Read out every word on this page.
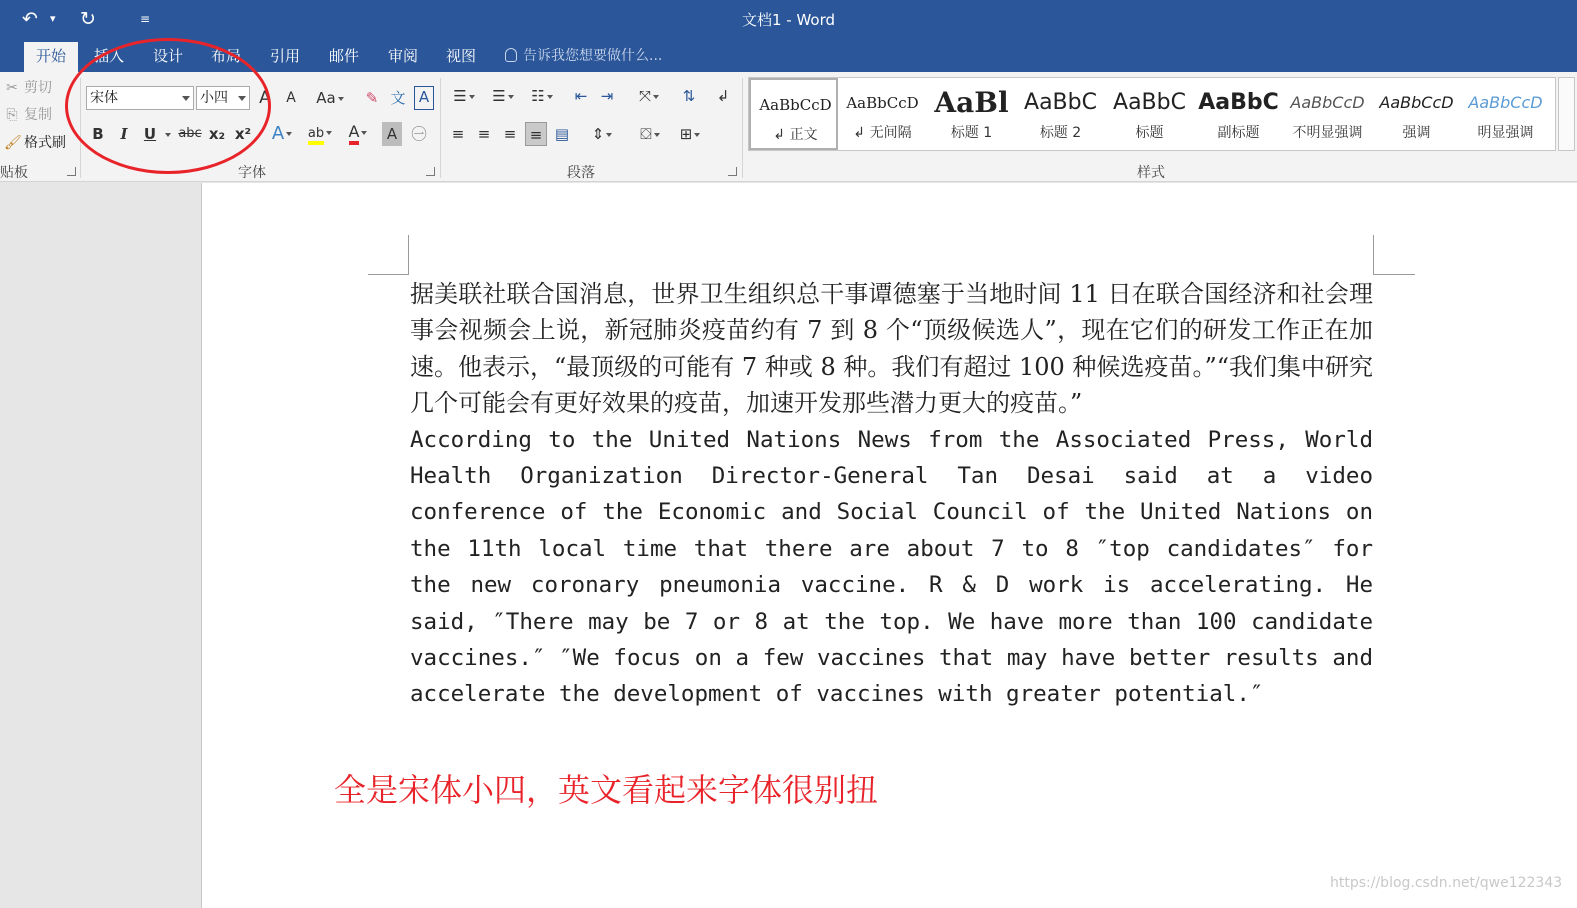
↶ ▾ ↻	≡	文档1 - Word
开始	插入	设计	布局	引用	邮件	审阅	视图	告诉我您想要做什么...
✂ 剪切
⎘ 复制
🖌 格式刷
贴板
宋体	小四	A	A Aa	✎ 文 A
B	I	U	abc x₂ x²	A	ab	A	A ㊀
字体
☰	☰	☷	⇤ ⇥	⤧	⇅	↲
≡ ≡ ≡ ≡ ▤	⇕	⛋	⊞
段落
AaBbCcD
↲ 正文
AaBbCcD
↲ 无间隔
AaBl
标题 1
AaBbC
标题 2
AaBbC
标题
AaBbC
副标题
AaBbCcD
不明显强调
AaBbCcD
强调
AaBbCcD
明显强调
样式

据美联社联合国消息，世界卫生组织总干事谭德塞于当地时间 11 日在联合国经济和社会理事会视频会上说，新冠肺炎疫苗约有 7 到 8 个“顶级候选人”，现在它们的研发工作正在加速。他表示，“最顶级的可能有 7 种或 8 种。我们有超过 100 种候选疫苗。”“我们集中研究几个可能会有更好效果的疫苗，加速开发那些潜力更大的疫苗。”

According to the United Nations News from the Associated Press, World Health Organization Director-General Tan Desai said at a video conference of the Economic and Social Council of the United Nations on the 11th local time that there are about 7 to 8 ″top candidates″ for the new coronary pneumonia vaccine. R & D work is accelerating. He said, ″There may be 7 or 8 at the top. We have more than 100 candidate vaccines.″ ″We focus on a few vaccines that may have better results and accelerate the development of vaccines with greater potential.″

全是宋体小四，英文看起来字体很别扭
https://blog.csdn.net/qwe122343
